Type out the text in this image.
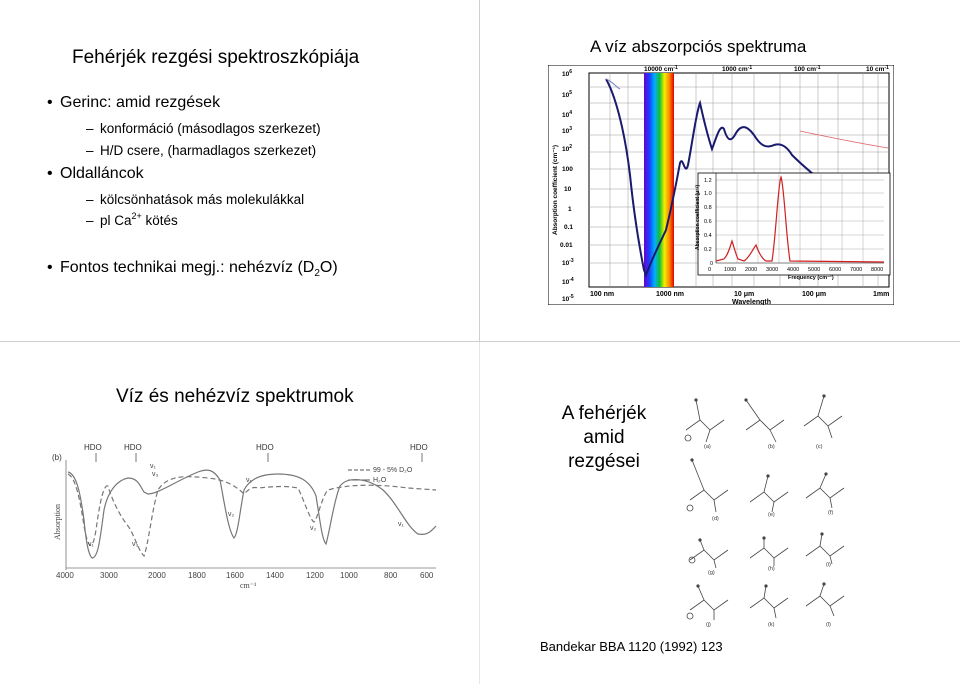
Fehérjék rezgési spektroszkópiája
• Gerinc: amid rezgések
– konformáció (másodlagos szerkezet)
– H/D csere, (harmadlagos szerkezet)
• Oldalláncok
– kölcsönhatások más molekulákkal
– pl $Ca^{2+}$ kötés
• Fontos technikai megj.: nehézvíz $(D_2O)$
A víz abszorpciós spektruma
10000 $cm^{-1}$	1000 $cm^{-1}$	100 $cm^{-1}$	10 $cm^{-1}$
$10^6$
$10^5$
$10^4$
$10^3$
$10^2$
100
10
1
0.1
0.01
$10^{-3}$
$10^{-4}$
$10^{-5}$
Absorption coefficient (cm⁻¹)
100 nm	1000 nm	10 μm	100 μm	1mm
Wavelength
1.2
1.0
0.8
0.6
0.4
0.2
0
0 1000 2000 3000 4000 5000 6000 7000 8000
Absorption coefficient (μ⁻¹)
Frequency (cm⁻¹)
Víz és nehézvíz spektrumok
(b)
HDO	HDO	HDO	HDO
Absorption
99 - 5% D₂O
H₂O
ν₁	ν₃
ν₁
ν₃
ν₂
ν₂
ν₁
ν₁
4000	3000	2000	1800	1600	1400	1200 1000	800	600
cm⁻¹
A fehérjék
amid
rezgései
(a)	(b)	(c)
(d)
(e)	(f)
(g)
(h)
(i)
(j)	(k)	(l)
Bandekar BBA 1120 (1992) 123
